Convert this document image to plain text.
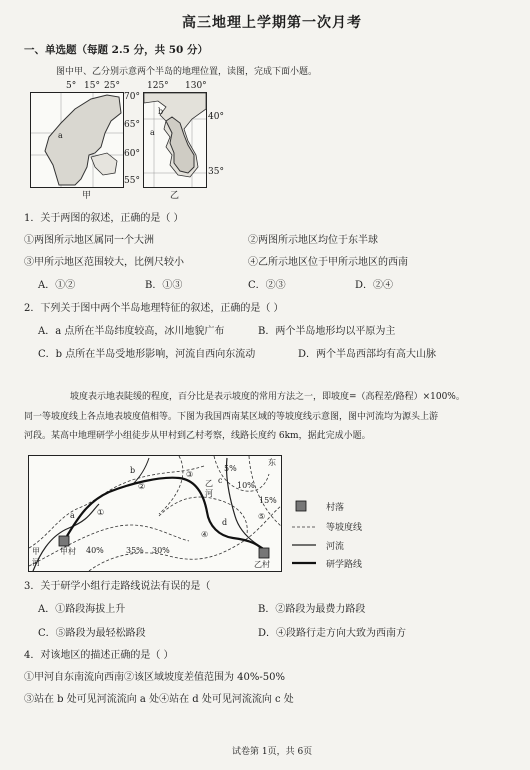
高三地理上学期第一次月考
一、单选题（每题 2.5 分，共 50 分）
图中甲、乙分别示意两个半岛的地理位置，读图，完成下面小题。
a
5° 15° 25°
70°
65°
60°
55°
甲
b
a
125° 130°
40°
35°
乙
1．关于两图的叙述，正确的是（ ）
①两图所示地区属同一个大洲	②两图所示地区均位于东半球
③甲所示地区范围较大，比例尺较小	④乙所示地区位于甲所示地区的西南
A．①②	B．①③	C．②③	D．②④
2．下列关于图中两个半岛地理特征的叙述，正确的是（ ）
A．a 点所在半岛纬度较高，冰川地貌广布	B．两个半岛地形均以平原为主
C．b 点所在半岛受地形影响，河流自西向东流动	D．两个半岛西部均有高大山脉
坡度表示地表陡缓的程度，百分比是表示坡度的常用方法之一，即坡度=（高程差/路程）×100%。
同一等坡度线上各点地表坡度值相等。下图为我国西南某区域的等坡度线示意图，图中河流均为源头上游
河段。某高中地理研学小组徒步从甲村到乙村考察，线路长度约 6km，据此完成小题。
东
5%
10%
15%
30%
35%
40%
a
b
c
d
①
②
③
④
⑤
甲村
乙村
甲
河
乙
河
村落
等坡度线
河流
研学路线
3．关于研学小组行走路线说法有误的是（
A．①路段海拔上升	B．②路段为最费力路段
C．⑤路段为最轻松路段	D．④段路行走方向大致为西南方
4．对该地区的描述正确的是（ ）
①甲河自东南流向西南②该区域坡度差值范围为 40%-50%
③站在 b 处可见河流流向 a 处④站在 d 处可见河流流向 c 处
试卷第 1页，共 6页
